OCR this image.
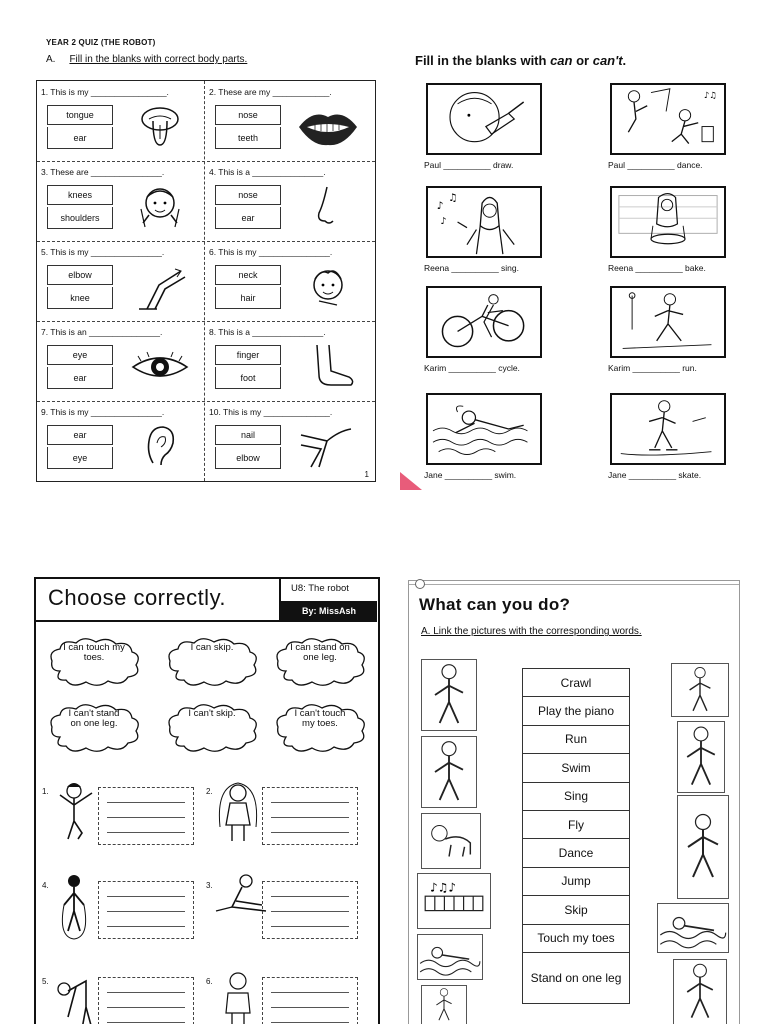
YEAR 2 QUIZ (THE ROBOT)
A. Fill in the blanks with correct body parts.
1. This is my ________________.
tongue
ear
2. These are my ____________.
nose
teeth
3. These are _______________.
knees
shoulders
4. This is a _______________.
nose
ear
5. This is my _______________.
elbow
knee
6. This is my _______________.
neck
hair
7. This is an _______________.
eye
ear
8. This is a _______________.
finger
foot
9. This is my _______________.
ear
eye
10. This is my ______________.
nail
elbow
1
Fill in the blanks with can or can't.
Paul __________ draw.
♪♫
Paul __________ dance.
♪
♫
♪
Reena __________ sing.	Reena __________ bake.
Karim __________ cycle.	Karim __________ run.
Jane __________ swim.	Jane __________ skate.
Choose correctly.	U8: The robot
By: MissAsh
I can touch my toes.
I can skip.	I can stand on one leg.
I can't stand on one leg.
I can't skip.	I can't touch my toes.
1.	2.
4.	3.
5.	6.
What can you do?
A. Link the pictures with the corresponding words.
Crawl
Play the piano
Run
Swim
Sing
Fly
Dance
Jump
Skip
Touch my toes
Stand on one leg
♪♫♪
